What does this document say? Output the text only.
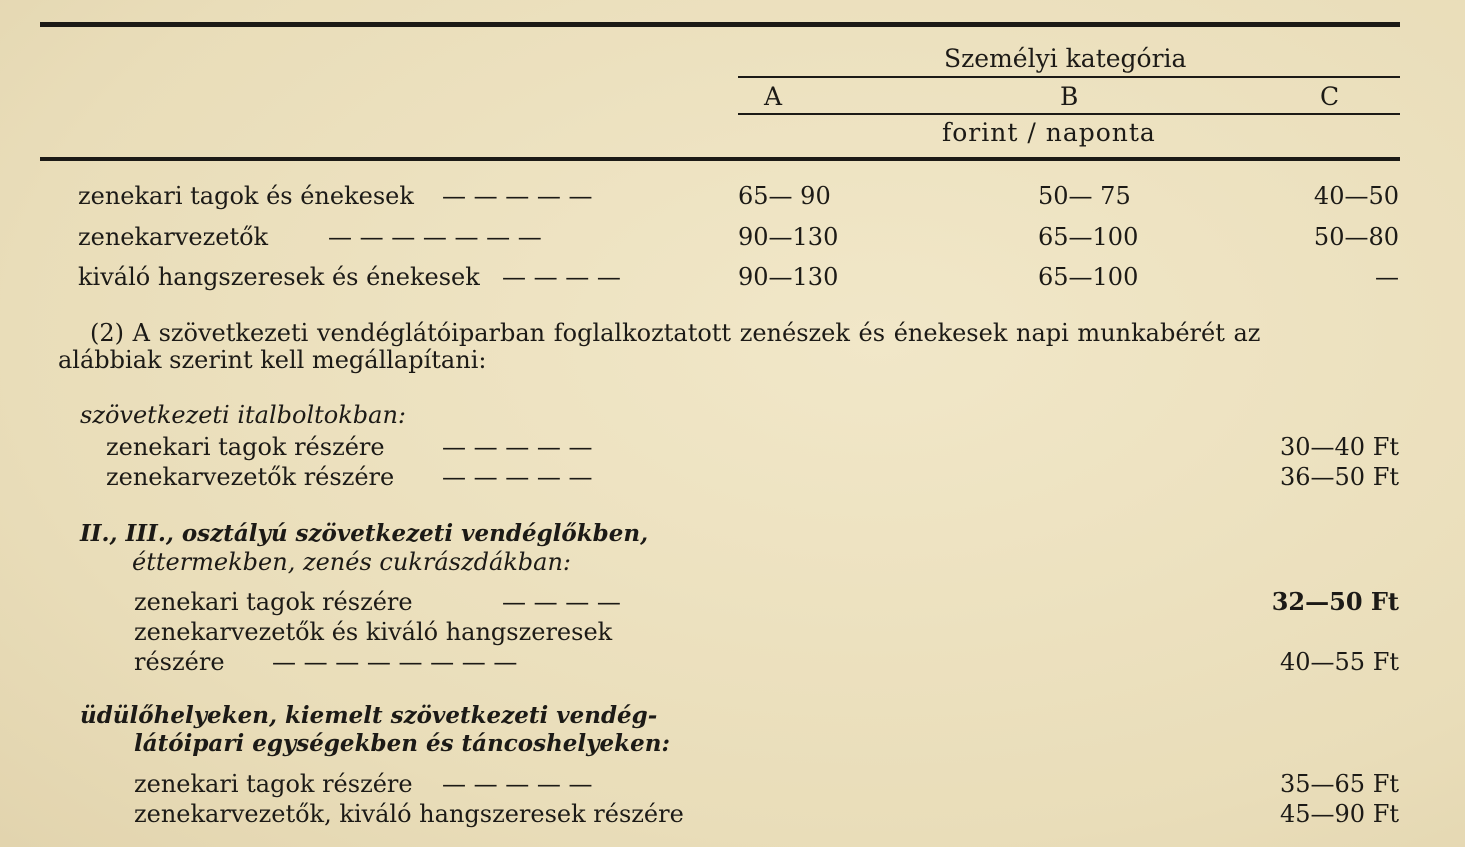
Személyi kategória
A	B	C
forint / naponta
zenekari tagok és énekesek — — — — —	65— 90	50— 75	40—50
zenekarvezetők — — — — — — —	90—130	65—100	50—80
kiváló hangszeresek és énekesek — — — —	90—130	65—100	—
(2) A szövetkezeti vendéglátóiparban foglalkoztatott zenészek és énekesek napi munkabérét az
alábbiak szerint kell megállapítani:
szövetkezeti italboltokban:
zenekari tagok részére — — — — —	30—40 Ft
zenekarvezetők részére — — — — —	36—50 Ft
II., III., osztályú szövetkezeti vendéglőkben,
éttermekben, zenés cukrászdákban:
zenekari tagok részére	— — — —	32—50 Ft
zenekarvezetők és kiváló hangszeresek
részére — — — — — — — —	40—55 Ft
üdülőhelyeken, kiemelt szövetkezeti vendég-
látóipari egységekben és táncoshelyeken:
zenekari tagok részére — — — — —	35—65 Ft
zenekarvezetők, kiváló hangszeresek részére	45—90 Ft
